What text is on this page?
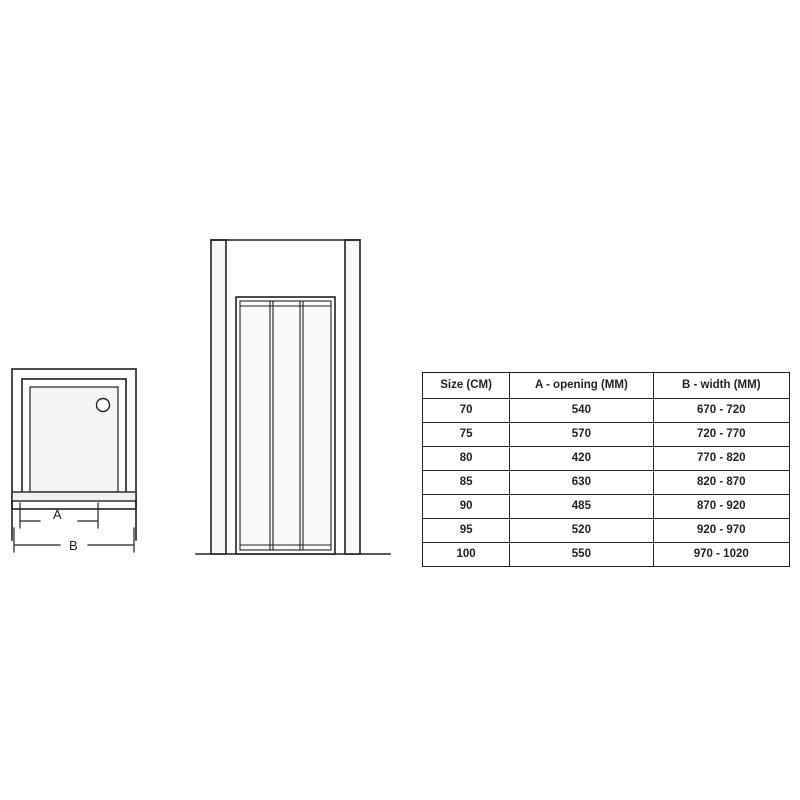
A
B
Size (CM)	A - opening (MM)	B - width (MM)
70	540	670 - 720
75	570	720 - 770
80	420	770 - 820
85	630	820 - 870
90	485	870 - 920
95	520	920 - 970
100	550	970 - 1020
